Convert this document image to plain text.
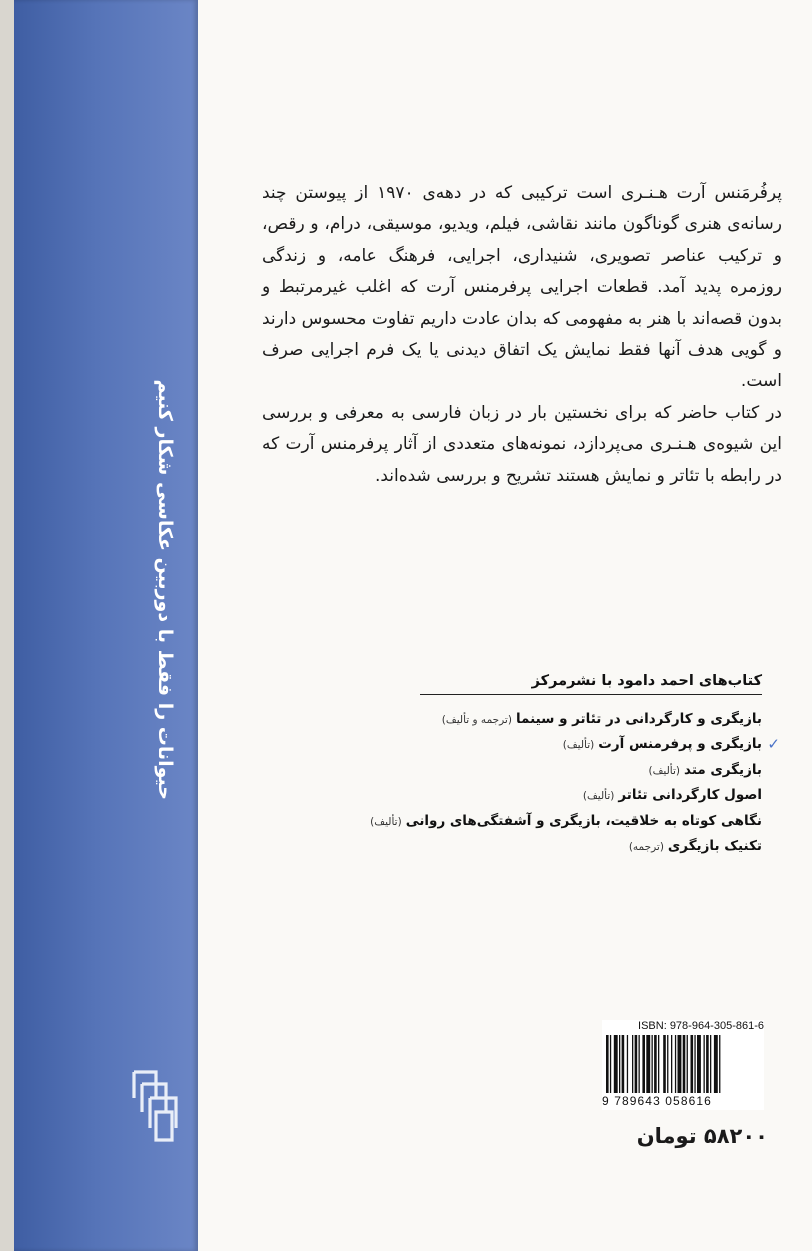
حیوانات را فقط با دوربین عکاسی شکار کنیم

پرفُرمَنس آرت هـنـری است ترکیبی که در دهه‌ی ۱۹۷۰ از پیوستن چند رسانه‌ی هنری گوناگون مانند نقاشی، فیلم، ویدیو، موسیقی، درام، و رقص، و ترکیب عناصر تصویری، شنیداری، اجرایی، فرهنگ عامه، و زندگی روزمره پدید آمد. قطعات اجرایی پرفرمنس آرت که اغلب غیرمرتبط و بدون قصه‌اند با هنر به مفهومی که بدان عادت داریم تفاوت محسوس دارند و گویی هدف آنها فقط نمایش یک اتفاق دیدنی یا یک فرم اجرایی صرف است.

در کتاب حاضر که برای نخستین بار در زبان فارسی به معرفی و بررسی این شیوه‌ی هـنـری می‌پردازد، نمونه‌های متعددی از آثار پرفرمنس آرت که در رابطه با تئاتر و نمایش هستند تشریح و بررسی شده‌اند.

کتاب‌های احمد دامود با نشرمرکز
بازیگری و کارگردانی در تئاتر و سینما(ترجمه و تألیف)
✓
بازیگری و پرفرمنس آرت(تألیف)
بازیگری متد(تألیف)
اصول کارگردانی تئاتر(تألیف)
نگاهی کوتاه به خلاقیت، بازیگری و آشفتگی‌های روانی(تألیف)
تکنیک بازیگری(ترجمه)
ISBN: 978-964-305-861-6
9 789643 058616
۵۸۲۰۰ تومان
